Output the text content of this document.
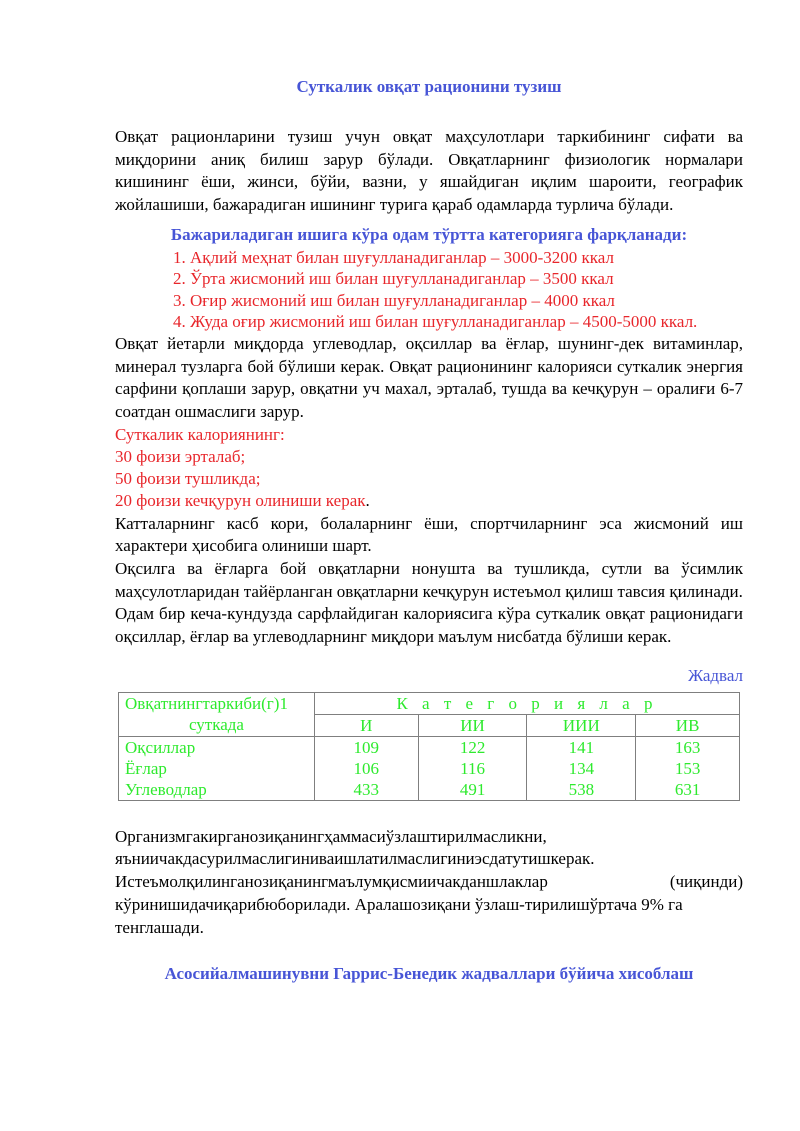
Суткалик овқат рационини тузиш

Овқат рационларини тузиш учун овқат маҳсулотлари таркибининг сифати ва миқдорини аниқ билиш зарур бўлади. Овқатларнинг физиологик нормалари кишининг ёши, жинси, бўйи, вазни, у яшайдиган иқлим шароити, географик жойлашиши, бажарадиган ишининг турига қараб одамларда турлича бўлади.

Бажариладиган ишига кўра одам тўртта категорияга фарқланади:

1. Ақлий меҳнат билан шуғулланадиганлар – 3000-3200 ккал
2. Ўрта жисмоний иш билан шуғулланадиганлар – 3500 ккал
3. Оғир жисмоний иш билан шуғулланадиганлар – 4000 ккал
4. Жуда оғир жисмоний иш билан шуғулланадиганлар – 4500-5000 ккал.

Овқат йетарли миқдорда углеводлар, оқсиллар ва ёғлар, шунинг-дек витаминлар, минерал тузларга бой бўлиши керак. Овқат рационининг калорияси суткалик энергия сарфини қоплаши зарур, овқатни уч махал, эрталаб, тушда ва кечқурун – оралиғи 6-7 соатдан ошмаслиги зарур.

Суткалик калориянинг:

30 фоизи эрталаб;

50 фоизи тушликда;

20 фоизи кечқурун олиниши керак.

Катталарнинг касб кори, болаларнинг ёши, спортчиларнинг эса жисмоний иш характери ҳисобига олиниши шарт.

Оқсилга ва ёғларга бой овқатларни нонушта ва тушликда, сутли ва ўсимлик маҳсулотларидан тайёрланган овқатларни кечқурун истеъмол қилиш тавсия қилинади.

Одам бир кеча-кундузда сарфлайдиган калориясига кўра суткалик овқат рационидаги оқсиллар, ёғлар ва углеводларнинг миқдори маълум нисбатда бўлиши керак.

Жадвал
Овқатнингтаркиби(г)1	К а т е г о р и я л а р			
суткада	И	ИИ	ИИИ	ИВ
Оқсиллар	109	122	141	163
Ёғлар	106	116	134	153
Углеводлар	433	491	538	631

Организмгакирганозиқанингҳаммасиўзлаштирилмасликни,

яъниичакдасурилмаслигиниваишлатилмаслигиниэсдатутишкерак.

Истеъмолқилинганозиқанингмаълумқисмиичакданшлаклар	(чиқинди)

кўринишидачиқарибюборилади. Аралашозиқани ўзлаш-тирилишўртача 9% га тенглашади.

Асосийалмашинувни Гаррис-Бенедик жадваллари бўйича хисоблаш
